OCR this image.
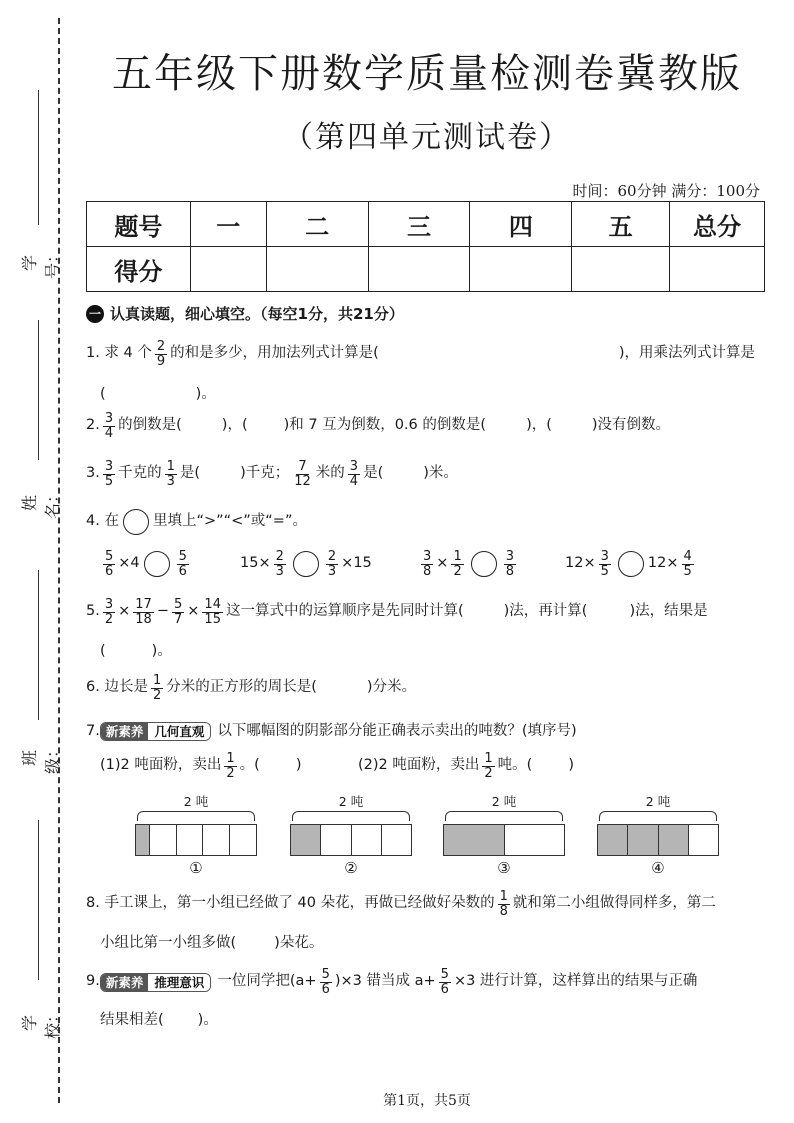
学号：
姓名：
班级：
学校：
五年级下册数学质量检测卷冀教版
（第四单元测试卷）
时间：60分钟 满分：100分
题号	一	二	三	四	五	总分
得分						
一 认真读题，细心填空。（每空1分，共21分）
1. 求 4 个 $\frac{2}{9}$ 的和是多少，用加法列式计算是(	)，用乘法列式计算是
(	)。
2. $\frac{3}{4}$ 的倒数是(	)，( )和 7 互为倒数，0.6 的倒数是(	)，(	)没有倒数。
3. $\frac{3}{5}$ 千克的 $\frac{1}{3}$ 是(	)千克； $\frac{7}{12}$ 米的 $\frac{3}{4}$ 是(	)米。
4. 在 里填上“>”“<”或“=”。
$\frac{5}{6} \times 4$	$\frac{5}{6}$	$15\times \frac{2}{3}$	$\frac{2}{3} \times 15$	$\frac{3}{8} \times \frac{1}{2}$	$\frac{3}{8}$	$12\times \frac{3}{5}$	$12\times \frac{4}{5}$
5. $\frac{3}{2} \times \frac{17}{18} - \frac{5}{7} \times \frac{14}{15}$ 这一算式中的运算顺序是先同时计算(	)法，再计算(	)法，结果是
(	)。
6. 边长是 $\frac{1}{2}$ 分米的正方形的周长是(	)分米。
7. 新素养 几何直观 以下哪幅图的阴影部分能正确表示卖出的吨数？(填序号)
(1)2 吨面粉，卖出 $\frac{1}{2}$ 。( )	(2)2 吨面粉，卖出 $\frac{1}{2}$ 吨。( )
2 吨
①
2 吨
②
2 吨
③
2 吨
④
8. 手工课上，第一小组已经做了 40 朵花，再做已经做好朵数的 $\frac{1}{8}$ 就和第二小组做得同样多，第二
小组比第一小组多做(	)朵花。
9. 新素养 推理意识 一位同学把 $(a+ \frac{5}{6} )\times 3$ 错当成 $a+ \frac{5}{6} \times 3$ 进行计算，这样算出的结果与正确
结果相差( )。
第1页，共5页
